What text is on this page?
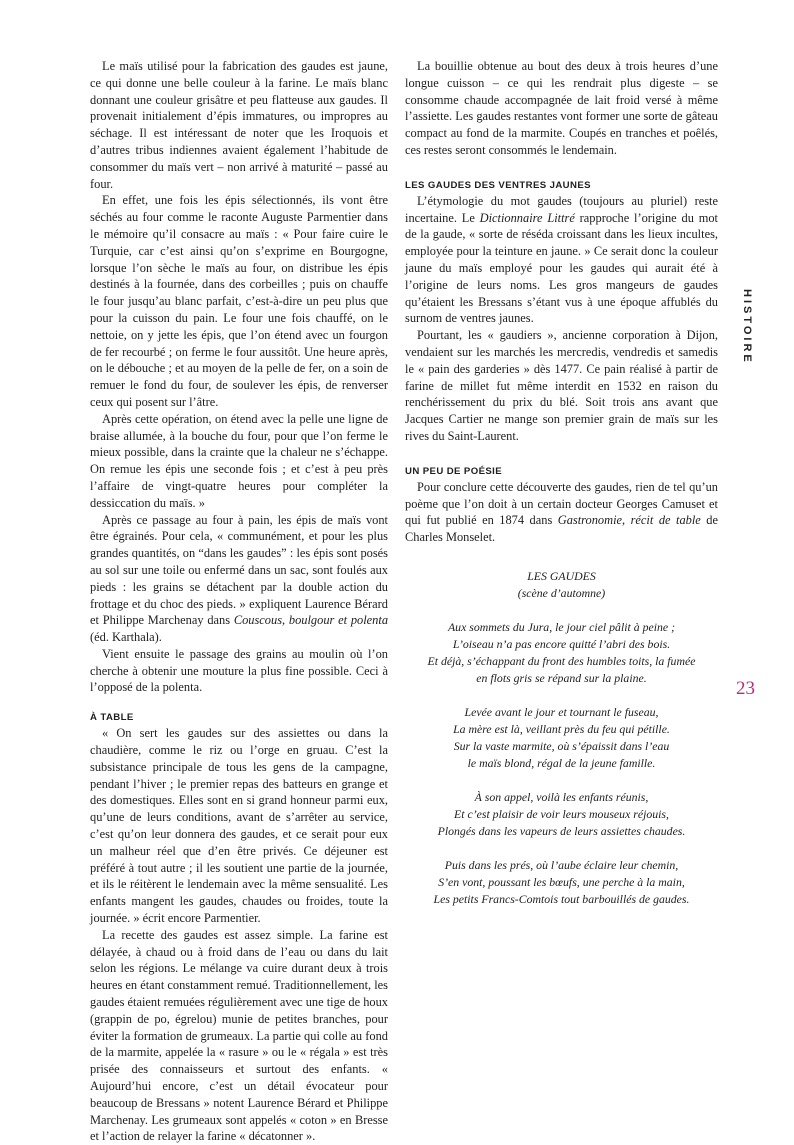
Le maïs utilisé pour la fabrication des gaudes est jaune, ce qui donne une belle couleur à la farine. Le maïs blanc donnant une couleur grisâtre et peu flatteuse aux gaudes. Il provenait initialement d’épis immatures, ou impropres au séchage. Il est intéressant de noter que les Iroquois et d’autres tribus indiennes avaient également l’habitude de consommer du maïs vert – non arrivé à maturité – passé au four.

En effet, une fois les épis sélectionnés, ils vont être séchés au four comme le raconte Auguste Parmentier dans le mémoire qu’il consacre au maïs : « Pour faire cuire le Turquie, car c’est ainsi qu’on s’exprime en Bourgogne, lorsque l’on sèche le maïs au four, on distribue les épis destinés à la fournée, dans des corbeilles ; puis on chauffe le four jusqu’au blanc parfait, c’est-à-dire un peu plus que pour la cuisson du pain. Le four une fois chauffé, on le nettoie, on y jette les épis, que l’on étend avec un fourgon de fer recourbé ; on ferme le four aussitôt. Une heure après, on le débouche ; et au moyen de la pelle de fer, on a soin de remuer le fond du four, de soulever les épis, de renverser ceux qui posent sur l’âtre.

Après cette opération, on étend avec la pelle une ligne de braise allumée, à la bouche du four, pour que l’on ferme le mieux possible, dans la crainte que la chaleur ne s’échappe. On remue les épis une seconde fois ; et c’est à peu près l’affaire de vingt-quatre heures pour compléter la dessiccation du maïs. »

Après ce passage au four à pain, les épis de maïs vont être égrainés. Pour cela, « communément, et pour les plus grandes quantités, on “dans les gaudes” : les épis sont posés au sol sur une toile ou enfermé dans un sac, sont foulés aux pieds : les grains se détachent par la double action du frottage et du choc des pieds. » expliquent Laurence Bérard et Philippe Marchenay dans Couscous, boulgour et polenta (éd. Karthala).

Vient ensuite le passage des grains au moulin où l’on cherche à obtenir une mouture la plus fine possible. Ceci à l’opposé de la polenta.

À TABLE

« On sert les gaudes sur des assiettes ou dans la chaudière, comme le riz ou l’orge en gruau. C’est la subsistance principale de tous les gens de la campagne, pendant l’hiver ; le premier repas des batteurs en grange et des domestiques. Elles sont en si grand honneur parmi eux, qu’une de leurs conditions, avant de s’arrêter au service, c’est qu’on leur donnera des gaudes, et ce serait pour eux un malheur réel que d’en être privés. Ce déjeuner est préféré à tout autre ; il les soutient une partie de la journée, et ils le réitèrent le lendemain avec la même sensualité. Les enfants mangent les gaudes, chaudes ou froides, toute la journée. » écrit encore Parmentier.

La recette des gaudes est assez simple. La farine est délayée, à chaud ou à froid dans de l’eau ou dans du lait selon les régions. Le mélange va cuire durant deux à trois heures en étant constamment remué. Traditionnellement, les gaudes étaient remuées régulièrement avec une tige de houx (grappin de po, égrelou) munie de petites branches, pour éviter la formation de grumeaux. La partie qui colle au fond de la marmite, appelée la « rasure » ou le « régala » est très prisée des connaisseurs et surtout des enfants. « Aujourd’hui encore, c’est un détail évocateur pour beaucoup de Bressans » notent Laurence Bérard et Philippe Marchenay. Les grumeaux sont appelés « coton » en Bresse et l’action de relayer la farine « décatonner ».

La bouillie obtenue au bout des deux à trois heures d’une longue cuisson – ce qui les rendrait plus digeste – se consomme chaude accompagnée de lait froid versé à même l’assiette. Les gaudes restantes vont former une sorte de gâteau compact au fond de la marmite. Coupés en tranches et poêlés, ces restes seront consommés le lendemain.

LES GAUDES DES VENTRES JAUNES

L’étymologie du mot gaudes (toujours au pluriel) reste incertaine. Le Dictionnaire Littré rapproche l’origine du mot de la gaude, « sorte de réséda croissant dans les lieux incultes, employée pour la teinture en jaune. » Ce serait donc la couleur jaune du maïs employé pour les gaudes qui aurait été à l’origine de leurs noms. Les gros mangeurs de gaudes qu’étaient les Bressans s’étant vus à une époque affublés du surnom de ventres jaunes.

Pourtant, les « gaudiers », ancienne corporation à Dijon, vendaient sur les marchés les mercredis, vendredis et samedis le « pain des garderies » dès 1477. Ce pain réalisé à partir de farine de millet fut même interdit en 1532 en raison du renchérissement du prix du blé. Soit trois ans avant que Jacques Cartier ne mange son premier grain de maïs sur les rives du Saint-Laurent.

UN PEU DE POÉSIE

Pour conclure cette découverte des gaudes, rien de tel qu’un poème que l’on doit à un certain docteur Georges Camuset et qui fut publié en 1874 dans Gastronomie, récit de table de Charles Monselet.

LES GAUDES
(scène d’automne)
Aux sommets du Jura, le jour ciel pâlit à peine ;
L’oiseau n’a pas encore quitté l’abri des bois.
Et déjà, s’échappant du front des humbles toits, la fumée
en flots gris se répand sur la plaine.
Levée avant le jour et tournant le fuseau,
La mère est là, veillant près du feu qui pétille.
Sur la vaste marmite, où s’épaissit dans l’eau
le maïs blond, régal de la jeune famille.
À son appel, voilà les enfants réunis,
Et c’est plaisir de voir leurs mouseux réjouis,
Plongés dans les vapeurs de leurs assiettes chaudes.
Puis dans les prés, où l’aube éclaire leur chemin,
S’en vont, poussant les bœufs, une perche à la main,
Les petits Francs-Comtois tout barbouillés de gaudes.
HISTOIRE
23
